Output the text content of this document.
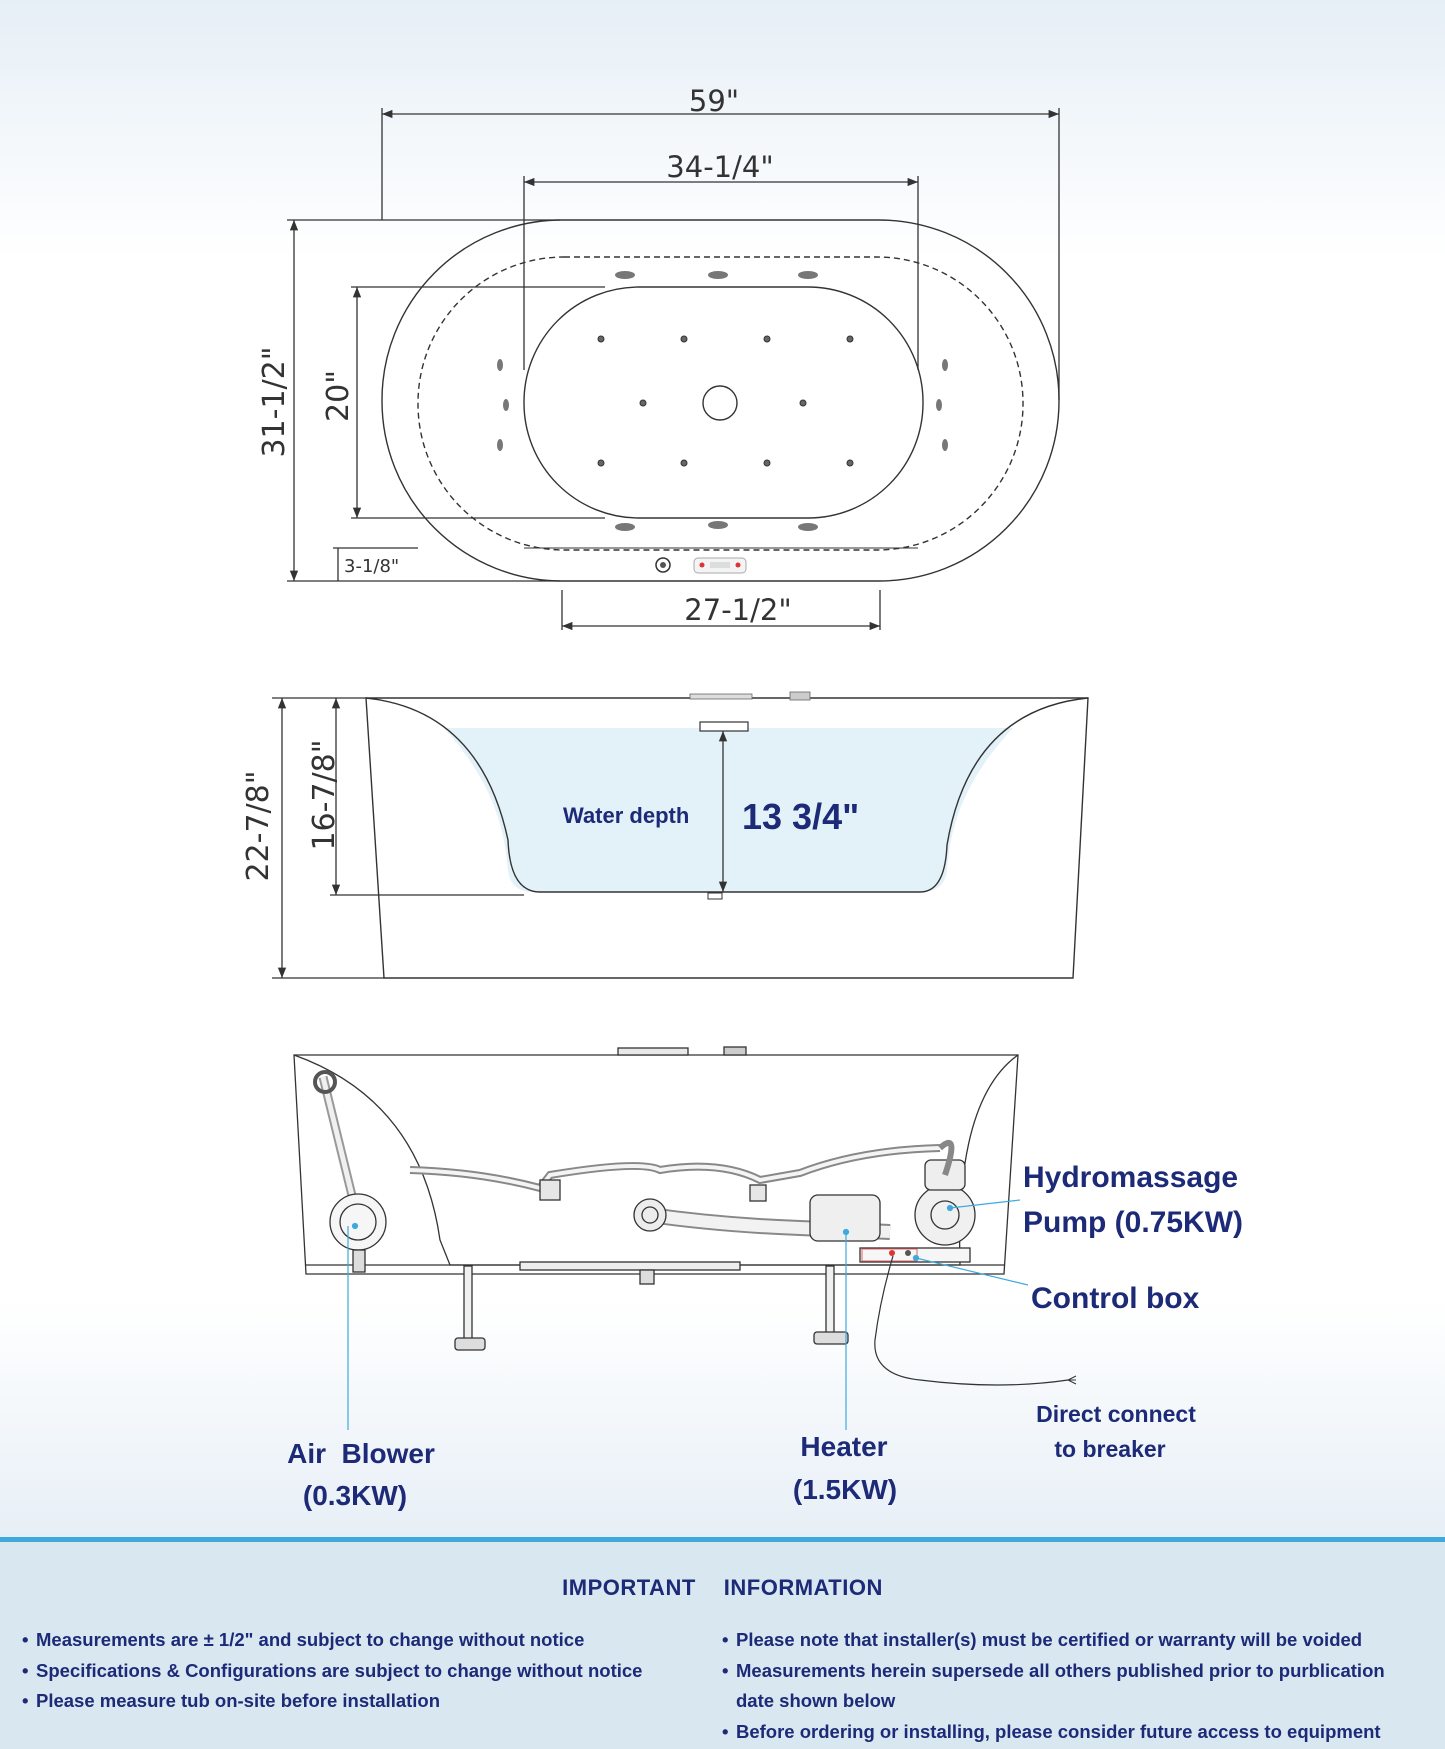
59"
34-1/4"
31-1/2" 20"
3-1/8"
27-1/2"
22-7/8" 16-7/8"	Water depth 13 3/4"
Hydromassage
Pump (0.75KW)
Control box
Direct connect
to breaker
Air  Blower
(0.3KW)
Heater
(1.5KW)

IMPORTANT INFORMATION

• Measurements are ± 1/2" and subject to change without notice
• Specifications & Configurations are subject to change without notice
• Please measure tub on-site before installation
• Please note that installer(s) must be certified or warranty will be voided
• Measurements herein supersede all others published prior to purblication date shown below
• Before ordering or installing, please consider future access to equipment
